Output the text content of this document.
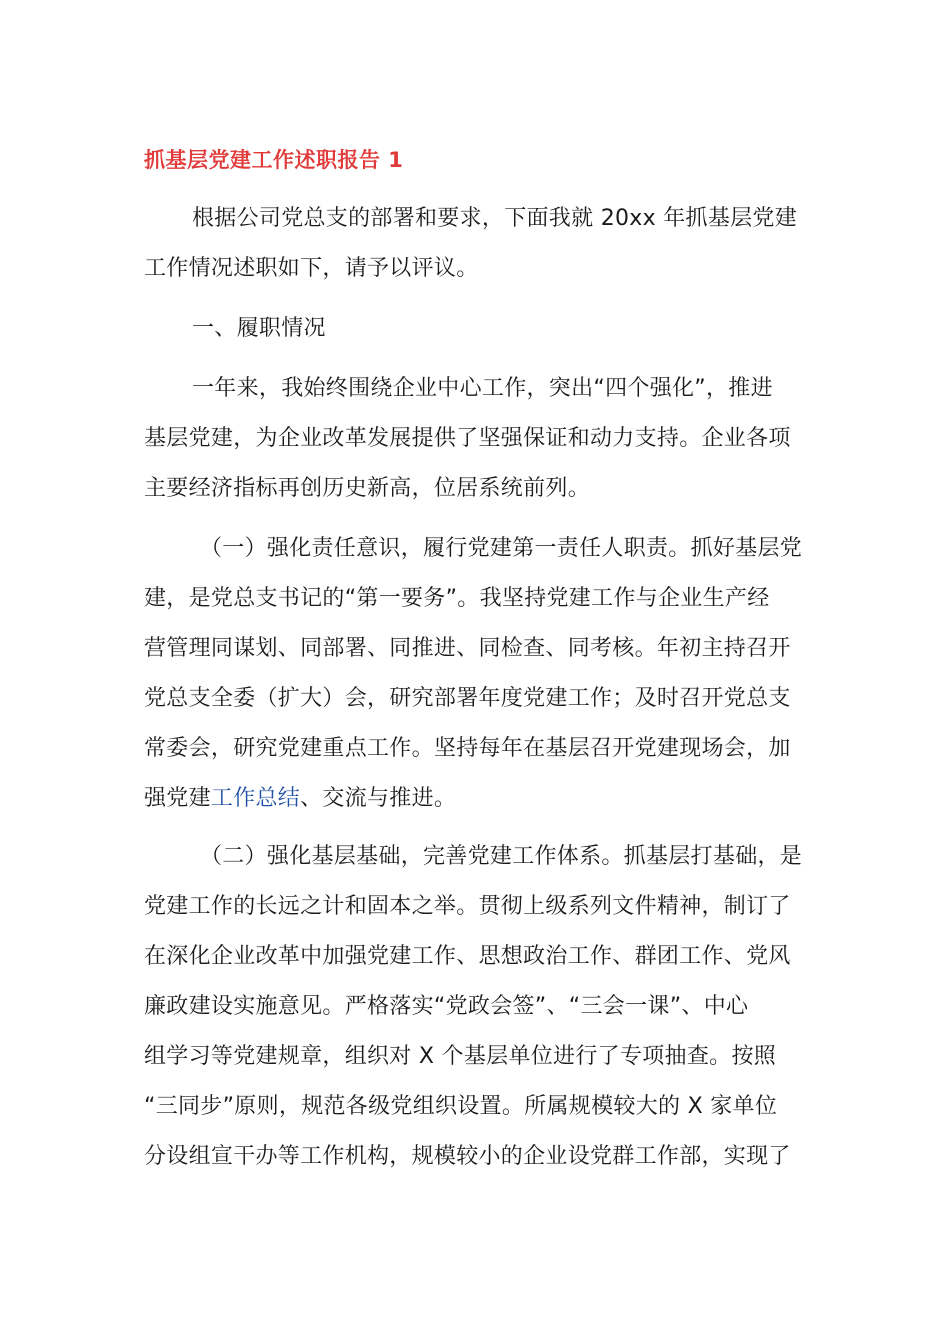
抓基层党建工作述职报告 1
根据公司党总支的部署和要求，下面我就 20xx 年抓基层党建
工作情况述职如下，请予以评议。
一、履职情况
一年来，我始终围绕企业中心工作，突出“四个强化”，推进
基层党建，为企业改革发展提供了坚强保证和动力支持。企业各项
主要经济指标再创历史新高，位居系统前列。
（一）强化责任意识，履行党建第一责任人职责。抓好基层党
建，是党总支书记的“第一要务”。我坚持党建工作与企业生产经
营管理同谋划、同部署、同推进、同检查、同考核。年初主持召开
党总支全委（扩大）会，研究部署年度党建工作；及时召开党总支
常委会，研究党建重点工作。坚持每年在基层召开党建现场会，加
强党建工作总结、交流与推进。
（二）强化基层基础，完善党建工作体系。抓基层打基础，是
党建工作的长远之计和固本之举。贯彻上级系列文件精神，制订了
在深化企业改革中加强党建工作、思想政治工作、群团工作、党风
廉政建设实施意见。严格落实“党政会签”、“三会一课”、中心
组学习等党建规章，组织对 X 个基层单位进行了专项抽查。按照
“三同步”原则，规范各级党组织设置。所属规模较大的 X 家单位
分设组宣干办等工作机构，规模较小的企业设党群工作部，实现了
